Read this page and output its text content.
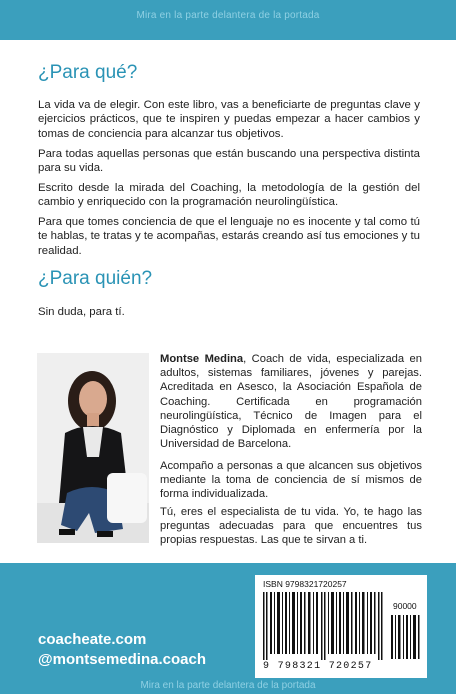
Mira en la parte delantera de la portada
¿Para qué?

La vida va de elegir. Con este libro, vas a beneficiarte de preguntas clave y ejercicios prácticos, que te inspiren y puedas empezar a hacer cambios y tomas de conciencia para alcanzar tus objetivos.

Para todas aquellas personas que están buscando una perspectiva distinta para su vida.

Escrito desde la mirada del Coaching, la metodología de la gestión del cambio y enriquecido con la programación neurolingüística.

Para que tomes conciencia de que el lenguaje no es inocente y tal como tú te hablas, te tratas y te acompañas, estarás creando así tus emociones y tu realidad.

¿Para quién?

Sin duda, para tí.

Montse Medina, Coach de vida, especializada en adultos, sistemas familiares, jóvenes y parejas. Acreditada en Asesco, la Asociación Española de Coaching. Certificada en programación neurolingüística, Técnico de Imagen para el Diagnóstico y Diplomada en enfermería por la Universidad de Barcelona.

Acompaño a personas a que alcancen sus objetivos mediante la toma de conciencia de sí mismos de forma individualizada.

Tú, eres el especialista de tu vida. Yo, te hago las preguntas adecuadas para que encuentres tus propias respuestas. Las que te sirvan a ti.

coacheate.com
@montsemedina.coach
ISBN 9798321720257
90000
9 798321 720257
Mira en la parte delantera de la portada
